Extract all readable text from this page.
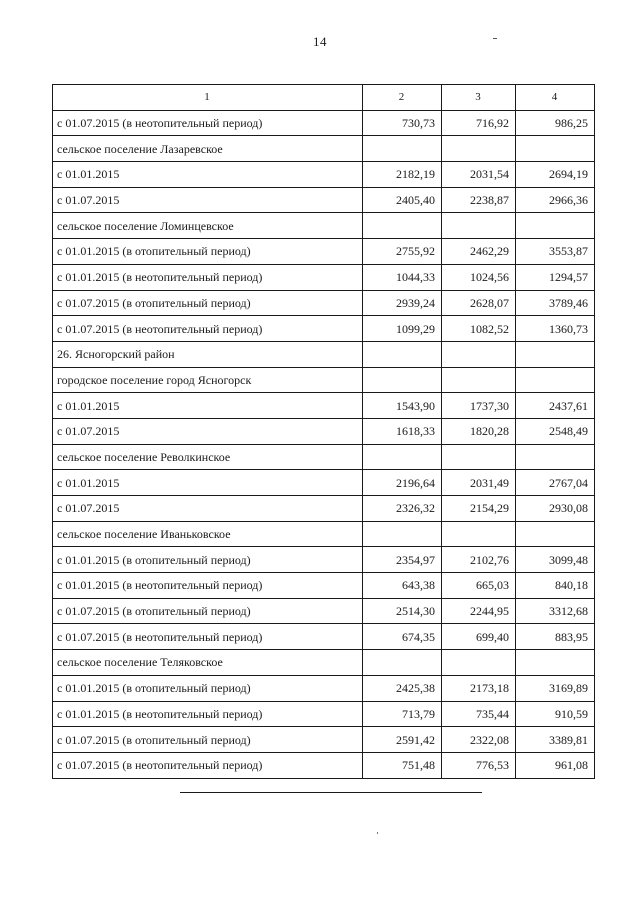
14
1	2	3	4
с 01.07.2015 (в неотопительный период)	730,73	716,92	986,25
сельское поселение Лазаревское			
с 01.01.2015	2182,19	2031,54	2694,19
с 01.07.2015	2405,40	2238,87	2966,36
сельское поселение Ломинцевское			
с 01.01.2015 (в отопительный период)	2755,92	2462,29	3553,87
с 01.01.2015 (в неотопительный период)	1044,33	1024,56	1294,57
с 01.07.2015 (в отопительный период)	2939,24	2628,07	3789,46
с 01.07.2015 (в неотопительный период)	1099,29	1082,52	1360,73
26. Ясногорский район			
городское поселение город Ясногорск			
с 01.01.2015	1543,90	1737,30	2437,61
с 01.07.2015	1618,33	1820,28	2548,49
сельское поселение Револкинское			
с 01.01.2015	2196,64	2031,49	2767,04
с 01.07.2015	2326,32	2154,29	2930,08
сельское поселение Иваньковское			
с 01.01.2015 (в отопительный период)	2354,97	2102,76	3099,48
с 01.01.2015 (в неотопительный период)	643,38	665,03	840,18
с 01.07.2015 (в отопительный период)	2514,30	2244,95	3312,68
с 01.07.2015 (в неотопительный период)	674,35	699,40	883,95
сельское поселение Теляковское			
с 01.01.2015 (в отопительный период)	2425,38	2173,18	3169,89
с 01.01.2015 (в неотопительный период)	713,79	735,44	910,59
с 01.07.2015 (в отопительный период)	2591,42	2322,08	3389,81
с 01.07.2015 (в неотопительный период)	751,48	776,53	961,08
